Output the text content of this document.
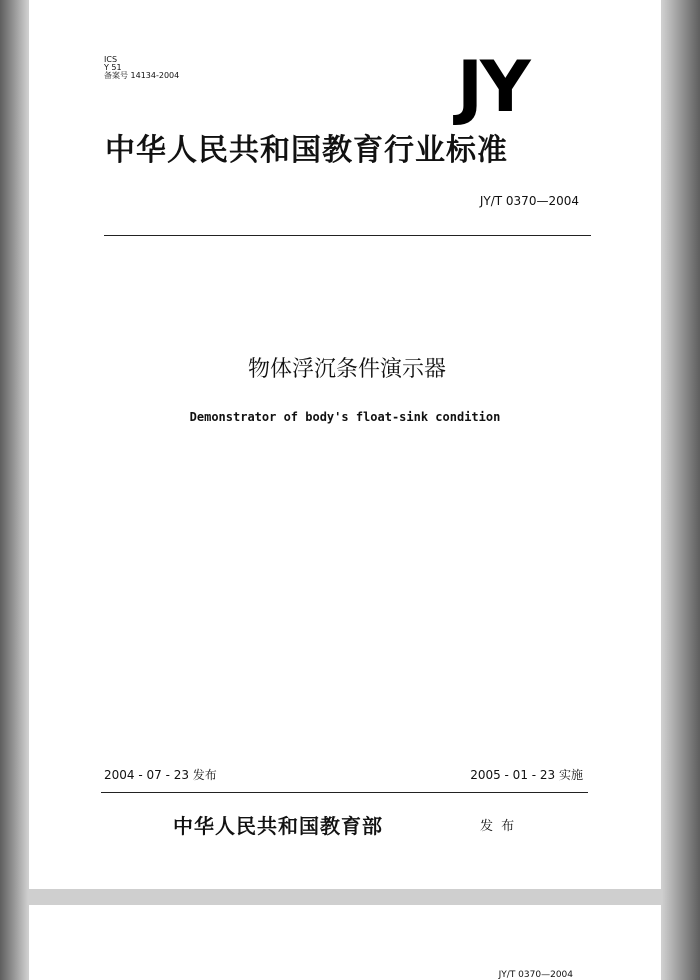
ICS
Y 51
备案号 14134-2004	JY
中华人民共和国教育行业标准
JY/T 0370—2004
物体浮沉条件演示器
Demonstrator of body's float-sink condition
2004 - 07 - 23 发布	2005 - 01 - 23 实施
中华人民共和国教育部	发 布
JY/T 0370—2004
